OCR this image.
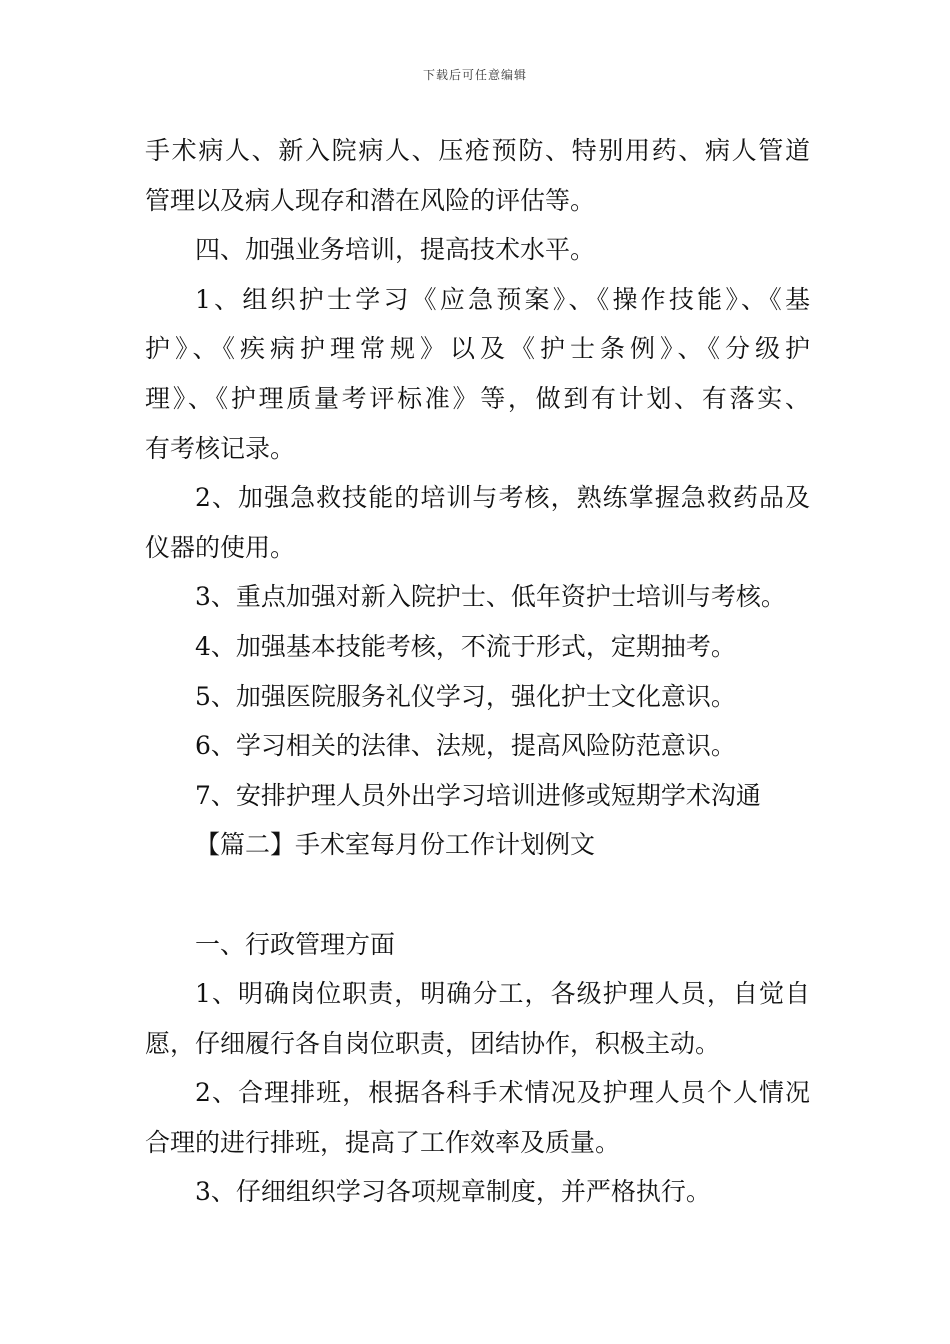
下载后可任意编辑
手术病人、新入院病人、压疮预防、特别用药、病人管道
管理以及病人现存和潜在风险的评估等。
四、加强业务培训，提高技术水平。
1、组织护士学习《应急预案》、《操作技能》、《基
护》、《疾病护理常规》以及《护士条例》、《分级护
理》、《护理质量考评标准》等，做到有计划、有落实、
有考核记录。
2、加强急救技能的培训与考核，熟练掌握急救药品及
仪器的使用。
3、重点加强对新入院护士、低年资护士培训与考核。
4、加强基本技能考核，不流于形式，定期抽考。
5、加强医院服务礼仪学习，强化护士文化意识。
6、学习相关的法律、法规，提高风险防范意识。
7、安排护理人员外出学习培训进修或短期学术沟通
【篇二】手术室每月份工作计划例文
一、行政管理方面
1、明确岗位职责，明确分工，各级护理人员，自觉自
愿，仔细履行各自岗位职责，团结协作，积极主动。
2、合理排班，根据各科手术情况及护理人员个人情况
合理的进行排班，提高了工作效率及质量。
3、仔细组织学习各项规章制度，并严格执行。
